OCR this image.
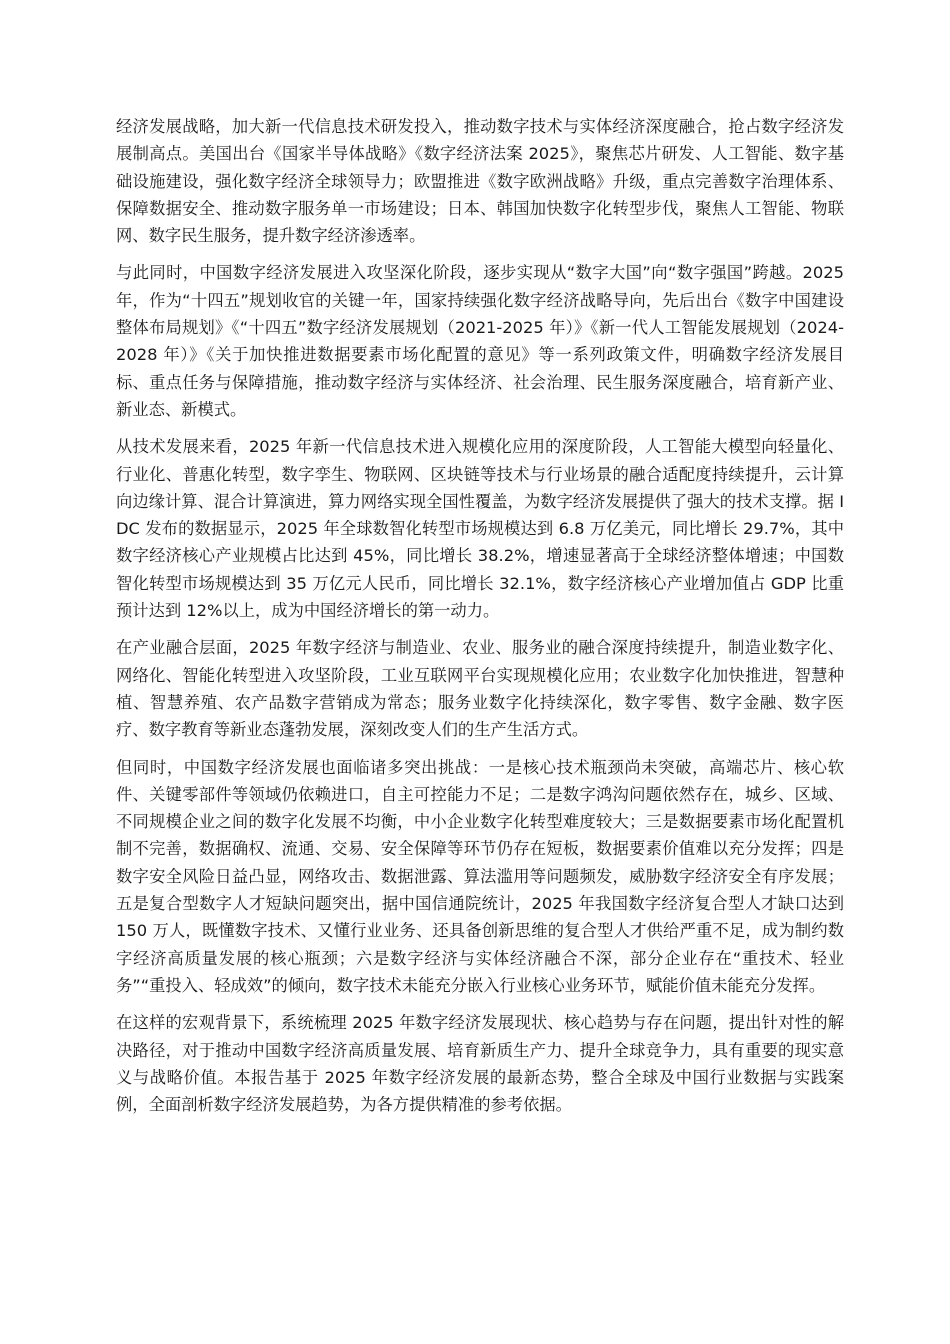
经济发展战略，加大新一代信息技术研发投入，推动数字技术与实体经济深度融合，抢占数字经济发展制高点。美国出台《国家半导体战略》《数字经济法案 2025》，聚焦芯片研发、人工智能、数字基础设施建设，强化数字经济全球领导力；欧盟推进《数字欧洲战略》升级，重点完善数字治理体系、保障数据安全、推动数字服务单一市场建设；日本、韩国加快数字化转型步伐，聚焦人工智能、物联网、数字民生服务，提升数字经济渗透率。

与此同时，中国数字经济发展进入攻坚深化阶段，逐步实现从“数字大国”向“数字强国”跨越。2025 年，作为“十四五”规划收官的关键一年，国家持续强化数字经济战略导向，先后出台《数字中国建设整体布局规划》《“十四五”数字经济发展规划（2021-2025 年）》《新一代人工智能发展规划（2024-2028 年）》《关于加快推进数据要素市场化配置的意见》等一系列政策文件，明确数字经济发展目标、重点任务与保障措施，推动数字经济与实体经济、社会治理、民生服务深度融合，培育新产业、新业态、新模式。

从技术发展来看，2025 年新一代信息技术进入规模化应用的深度阶段，人工智能大模型向轻量化、行业化、普惠化转型，数字孪生、物联网、区块链等技术与行业场景的融合适配度持续提升，云计算向边缘计算、混合计算演进，算力网络实现全国性覆盖，为数字经济发展提供了强大的技术支撑。据 IDC 发布的数据显示，2025 年全球数智化转型市场规模达到 6.8 万亿美元，同比增长 29.7%，其中数字经济核心产业规模占比达到 45%，同比增长 38.2%，增速显著高于全球经济整体增速；中国数智化转型市场规模达到 35 万亿元人民币，同比增长 32.1%，数字经济核心产业增加值占 GDP 比重预计达到 12%以上，成为中国经济增长的第一动力。

在产业融合层面，2025 年数字经济与制造业、农业、服务业的融合深度持续提升，制造业数字化、网络化、智能化转型进入攻坚阶段，工业互联网平台实现规模化应用；农业数字化加快推进，智慧种植、智慧养殖、农产品数字营销成为常态；服务业数字化持续深化，数字零售、数字金融、数字医疗、数字教育等新业态蓬勃发展，深刻改变人们的生产生活方式。

但同时，中国数字经济发展也面临诸多突出挑战：一是核心技术瓶颈尚未突破，高端芯片、核心软件、关键零部件等领域仍依赖进口，自主可控能力不足；二是数字鸿沟问题依然存在，城乡、区域、不同规模企业之间的数字化发展不均衡，中小企业数字化转型难度较大；三是数据要素市场化配置机制不完善，数据确权、流通、交易、安全保障等环节仍存在短板，数据要素价值难以充分发挥；四是数字安全风险日益凸显，网络攻击、数据泄露、算法滥用等问题频发，威胁数字经济安全有序发展；五是复合型数字人才短缺问题突出，据中国信通院统计，2025 年我国数字经济复合型人才缺口达到 150 万人，既懂数字技术、又懂行业业务、还具备创新思维的复合型人才供给严重不足，成为制约数字经济高质量发展的核心瓶颈；六是数字经济与实体经济融合不深，部分企业存在“重技术、轻业务”“重投入、轻成效”的倾向，数字技术未能充分嵌入行业核心业务环节，赋能价值未能充分发挥。

在这样的宏观背景下，系统梳理 2025 年数字经济发展现状、核心趋势与存在问题，提出针对性的解决路径，对于推动中国数字经济高质量发展、培育新质生产力、提升全球竞争力，具有重要的现实意义与战略价值。本报告基于 2025 年数字经济发展的最新态势，整合全球及中国行业数据与实践案例，全面剖析数字经济发展趋势，为各方提供精准的参考依据。
